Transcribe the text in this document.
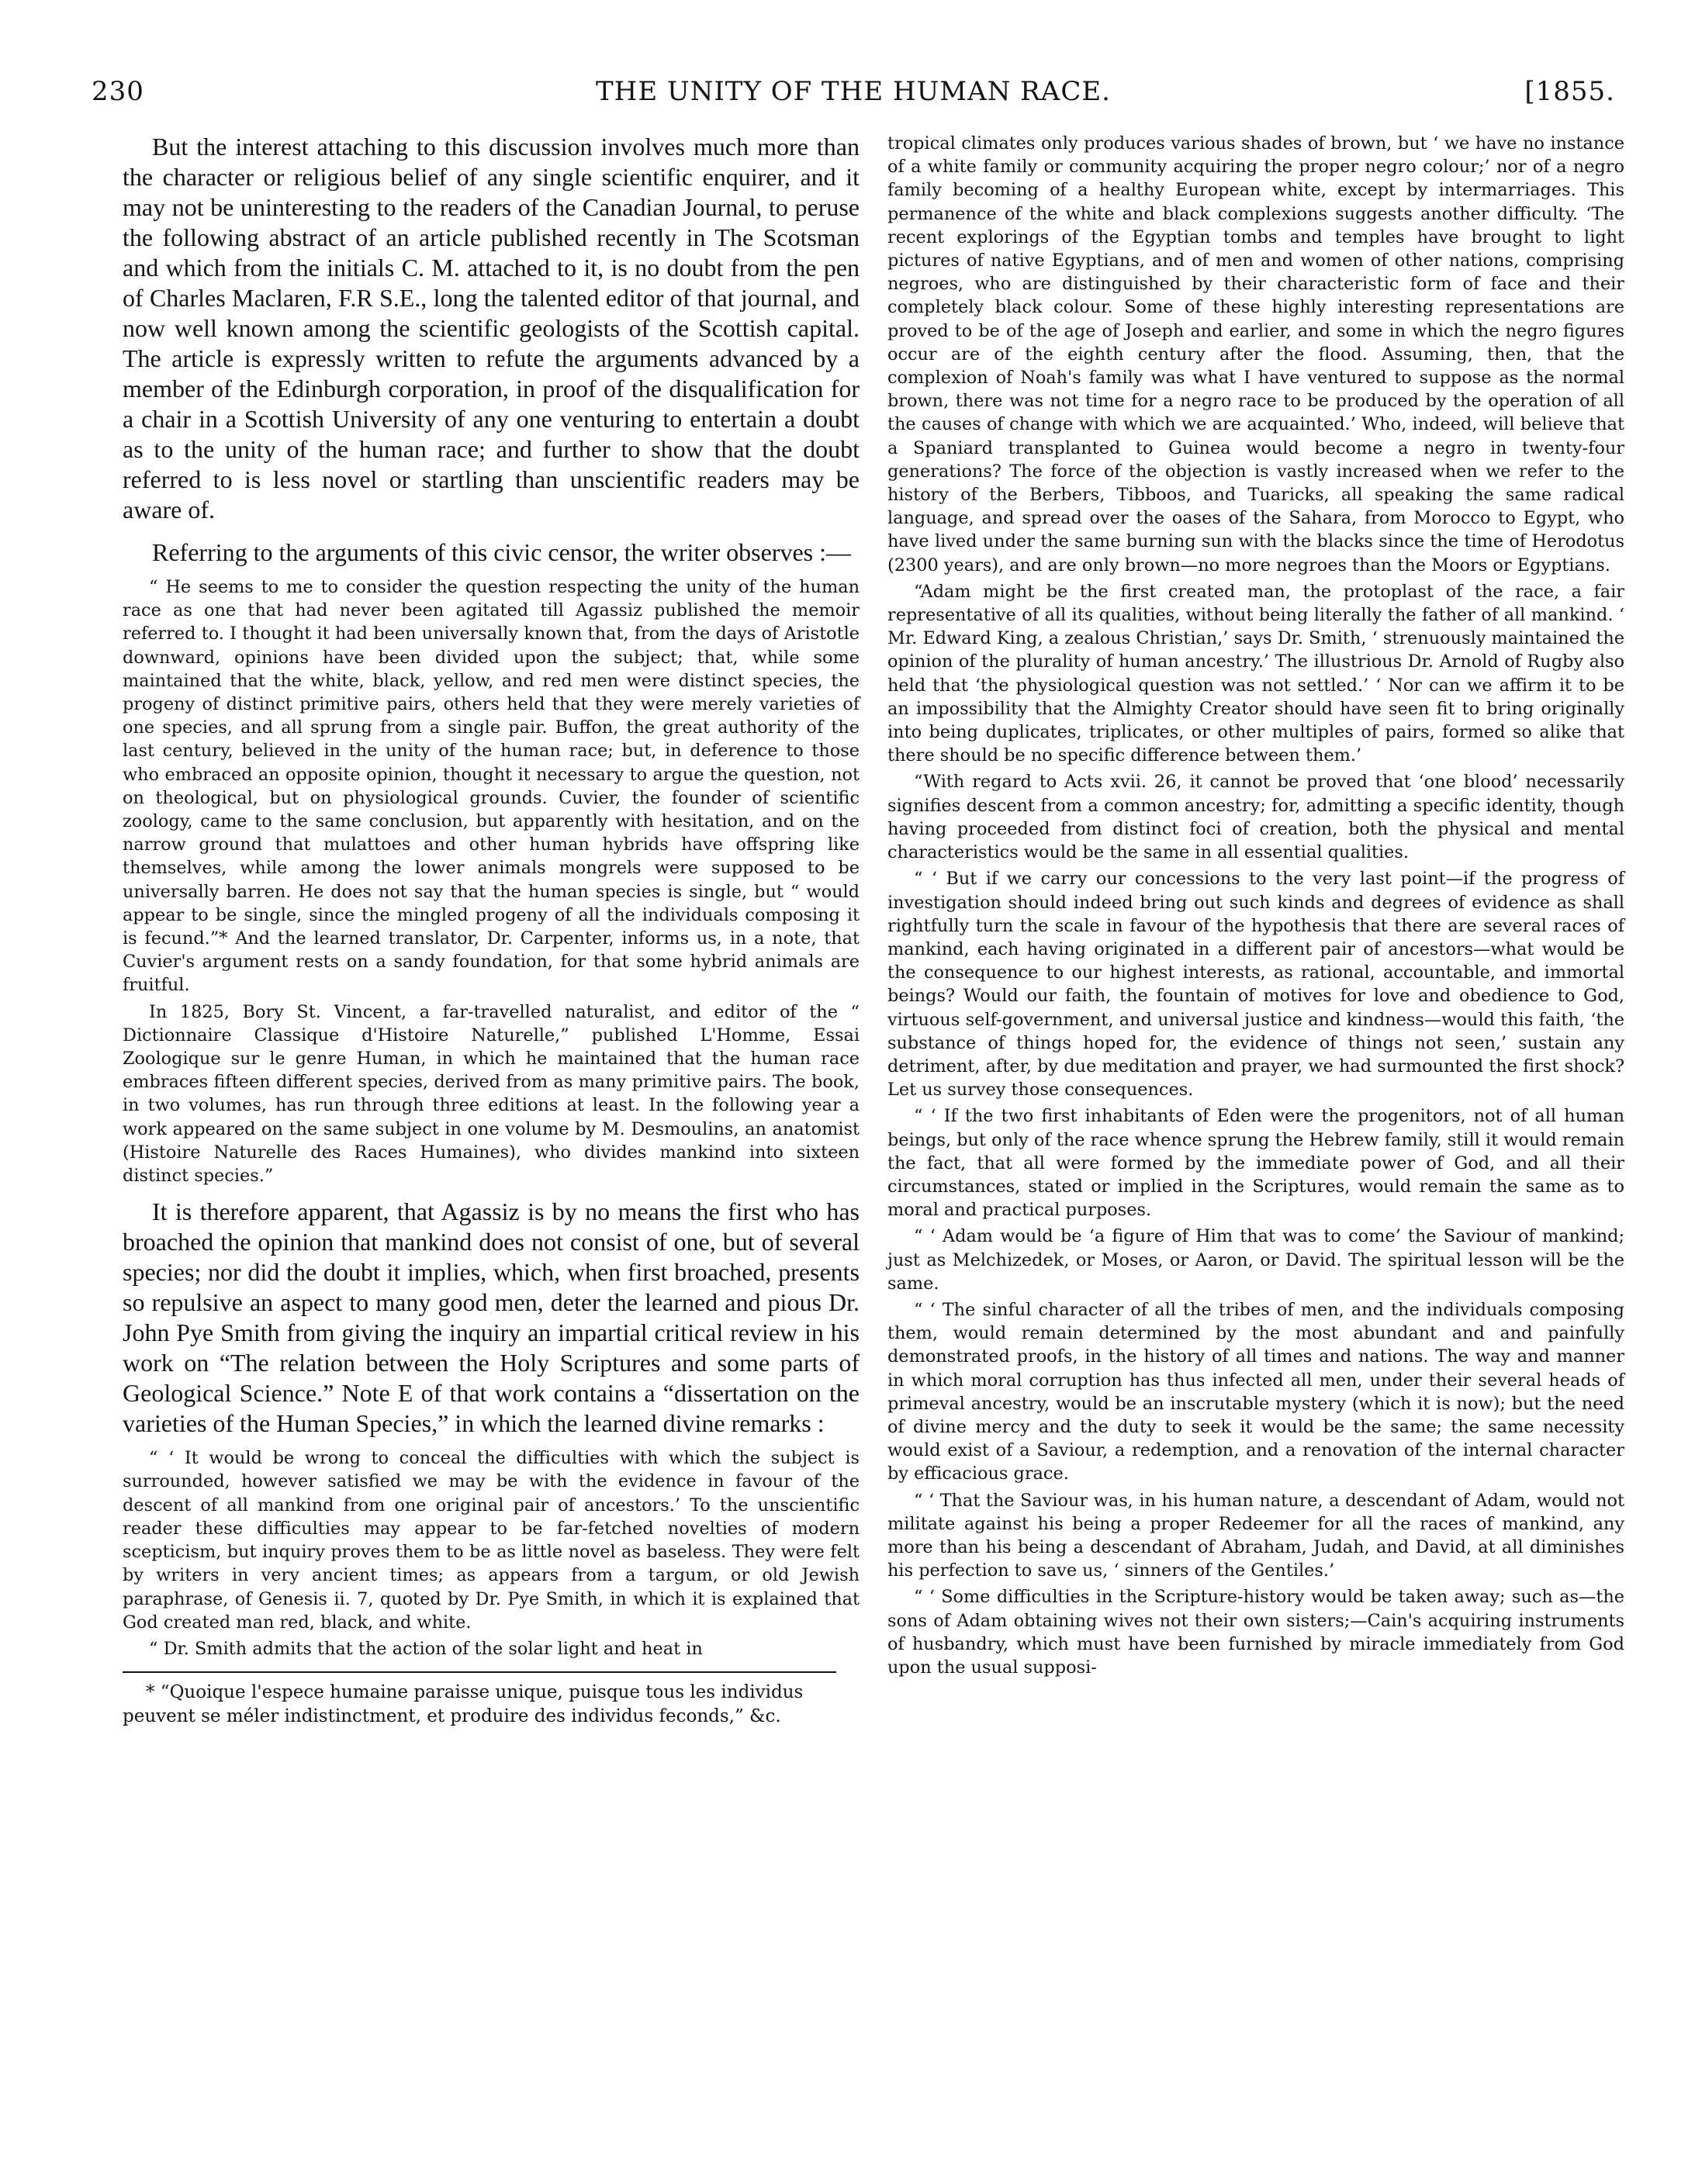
230	THE UNITY OF THE HUMAN RACE.	[1855.

But the interest attaching to this discussion involves much more than the character or religious belief of any single scientific enquirer, and it may not be uninteresting to the readers of the Canadian Journal, to peruse the following abstract of an article published recently in The Scotsman and which from the initials C. M. attached to it, is no doubt from the pen of Charles Maclaren, F.R S.E., long the talented editor of that journal, and now well known among the scientific geologists of the Scottish capital. The article is expressly written to refute the arguments advanced by a member of the Edinburgh corporation, in proof of the disqualification for a chair in a Scottish University of any one venturing to entertain a doubt as to the unity of the human race; and further to show that the doubt referred to is less novel or startling than unscientific readers may be aware of.

Referring to the arguments of this civic censor, the writer observes :—

“ He seems to me to consider the question respecting the unity of the human race as one that had never been agitated till Agassiz published the memoir referred to. I thought it had been universally known that, from the days of Aristotle downward, opinions have been divided upon the subject; that, while some maintained that the white, black, yellow, and red men were distinct species, the progeny of distinct primitive pairs, others held that they were merely varieties of one species, and all sprung from a single pair. Buffon, the great authority of the last century, believed in the unity of the human race; but, in deference to those who embraced an opposite opinion, thought it necessary to argue the question, not on theological, but on physiological grounds. Cuvier, the founder of scientific zoology, came to the same conclusion, but apparently with hesitation, and on the narrow ground that mulattoes and other human hybrids have offspring like themselves, while among the lower animals mongrels were supposed to be universally barren. He does not say that the human species is single, but “ would appear to be single, since the mingled progeny of all the individuals composing it is fecund.”* And the learned translator, Dr. Carpenter, informs us, in a note, that Cuvier's argument rests on a sandy foundation, for that some hybrid animals are fruitful.

In 1825, Bory St. Vincent, a far-travelled naturalist, and editor of the “ Dictionnaire Classique d'Histoire Naturelle,” published L'Homme, Essai Zoologique sur le genre Human, in which he maintained that the human race embraces fifteen different species, derived from as many primitive pairs. The book, in two volumes, has run through three editions at least. In the following year a work appeared on the same subject in one volume by M. Desmoulins, an anatomist (Histoire Naturelle des Races Humaines), who divides mankind into sixteen distinct species.”

It is therefore apparent, that Agassiz is by no means the first who has broached the opinion that mankind does not consist of one, but of several species; nor did the doubt it implies, which, when first broached, presents so repulsive an aspect to many good men, deter the learned and pious Dr. John Pye Smith from giving the inquiry an impartial critical review in his work on “The relation between the Holy Scriptures and some parts of Geological Science.” Note E of that work contains a “dissertation on the varieties of the Human Species,” in which the learned divine remarks :

“ ‘ It would be wrong to conceal the difficulties with which the subject is surrounded, however satisfied we may be with the evidence in favour of the descent of all mankind from one original pair of ancestors.’ To the unscientific reader these difficulties may appear to be far-fetched novelties of modern scepticism, but inquiry proves them to be as little novel as baseless. They were felt by writers in very ancient times; as appears from a targum, or old Jewish paraphrase, of Genesis ii. 7, quoted by Dr. Pye Smith, in which it is explained that God created man red, black, and white.

“ Dr. Smith admits that the action of the solar light and heat in

* “Quoique l'espece humaine paraisse unique, puisque tous les individus peuvent se méler indistinctment, et produire des individus feconds,” &c.

tropical climates only produces various shades of brown, but ‘ we have no instance of a white family or community acquiring the proper negro colour;’ nor of a negro family becoming of a healthy European white, except by intermarriages. This permanence of the white and black complexions suggests another difficulty. ‘The recent explorings of the Egyptian tombs and temples have brought to light pictures of native Egyptians, and of men and women of other nations, comprising negroes, who are distinguished by their characteristic form of face and their completely black colour. Some of these highly interesting representations are proved to be of the age of Joseph and earlier, and some in which the negro figures occur are of the eighth century after the flood. Assuming, then, that the complexion of Noah's family was what I have ventured to suppose as the normal brown, there was not time for a negro race to be produced by the operation of all the causes of change with which we are acquainted.’ Who, indeed, will believe that a Spaniard transplanted to Guinea would become a negro in twenty-four generations? The force of the objection is vastly increased when we refer to the history of the Berbers, Tibboos, and Tuaricks, all speaking the same radical language, and spread over the oases of the Sahara, from Morocco to Egypt, who have lived under the same burning sun with the blacks since the time of Herodotus (2300 years), and are only brown—no more negroes than the Moors or Egyptians.

“Adam might be the first created man, the protoplast of the race, a fair representative of all its qualities, without being literally the father of all mankind. ‘ Mr. Edward King, a zealous Christian,’ says Dr. Smith, ‘ strenuously maintained the opinion of the plurality of human ancestry.’ The illustrious Dr. Arnold of Rugby also held that ‘the physiological question was not settled.’ ‘ Nor can we affirm it to be an impossibility that the Almighty Creator should have seen fit to bring originally into being duplicates, triplicates, or other multiples of pairs, formed so alike that there should be no specific difference between them.’

“With regard to Acts xvii. 26, it cannot be proved that ‘one blood’ necessarily signifies descent from a common ancestry; for, admitting a specific identity, though having proceeded from distinct foci of creation, both the physical and mental characteristics would be the same in all essential qualities.

“ ‘ But if we carry our concessions to the very last point—if the progress of investigation should indeed bring out such kinds and degrees of evidence as shall rightfully turn the scale in favour of the hypothesis that there are several races of mankind, each having originated in a different pair of ancestors—what would be the consequence to our highest interests, as rational, accountable, and immortal beings? Would our faith, the fountain of motives for love and obedience to God, virtuous self-government, and universal justice and kindness—would this faith, ‘the substance of things hoped for, the evidence of things not seen,’ sustain any detriment, after, by due meditation and prayer, we had surmounted the first shock? Let us survey those consequences.

“ ‘ If the two first inhabitants of Eden were the progenitors, not of all human beings, but only of the race whence sprung the Hebrew family, still it would remain the fact, that all were formed by the immediate power of God, and all their circumstances, stated or implied in the Scriptures, would remain the same as to moral and practical purposes.

“ ‘ Adam would be ‘a figure of Him that was to come’ the Saviour of mankind; just as Melchizedek, or Moses, or Aaron, or David. The spiritual lesson will be the same.

“ ‘ The sinful character of all the tribes of men, and the individuals composing them, would remain determined by the most abundant and and painfully demonstrated proofs, in the history of all times and nations. The way and manner in which moral corruption has thus infected all men, under their several heads of primeval ancestry, would be an inscrutable mystery (which it is now); but the need of divine mercy and the duty to seek it would be the same; the same necessity would exist of a Saviour, a redemption, and a renovation of the internal character by efficacious grace.

“ ‘ That the Saviour was, in his human nature, a descendant of Adam, would not militate against his being a proper Redeemer for all the races of mankind, any more than his being a descendant of Abraham, Judah, and David, at all diminishes his perfection to save us, ‘ sinners of the Gentiles.’

“ ‘ Some difficulties in the Scripture-history would be taken away; such as—the sons of Adam obtaining wives not their own sisters;—Cain's acquiring instruments of husbandry, which must have been furnished by miracle immediately from God upon the usual supposi-
